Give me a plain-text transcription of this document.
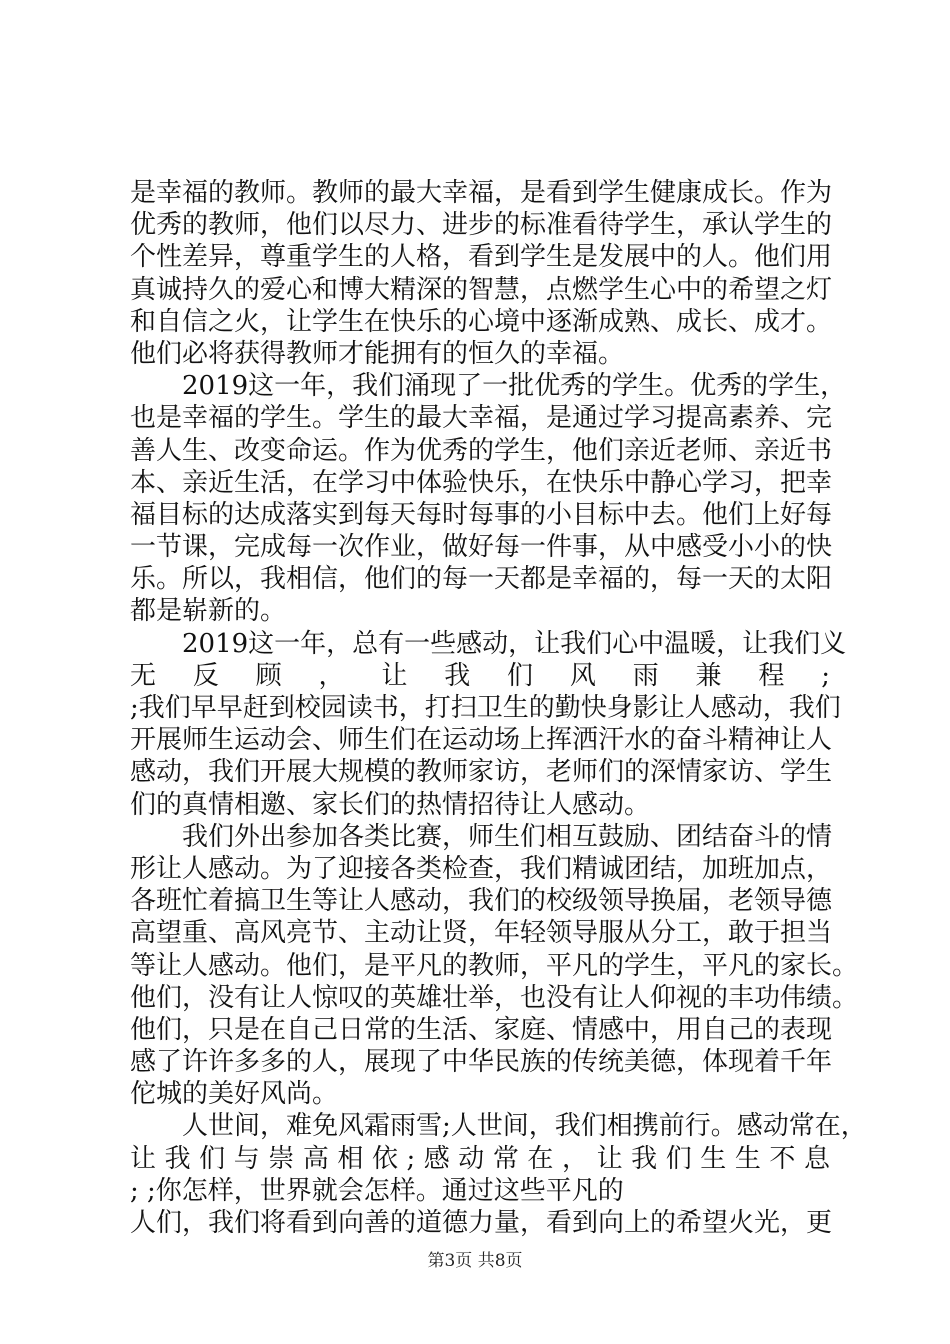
是幸福的教师。教师的最大幸福，是看到学生健康成长。作为
优秀的教师，他们以尽力、进步的标准看待学生，承认学生的
个性差异，尊重学生的人格，看到学生是发展中的人。他们用
真诚持久的爱心和博大精深的智慧，点燃学生心中的希望之灯
和自信之火，让学生在快乐的心境中逐渐成熟、成长、成才。
他们必将获得教师才能拥有的恒久的幸福。
2019这一年，我们涌现了一批优秀的学生。优秀的学生，
也是幸福的学生。学生的最大幸福，是通过学习提高素养、完
善人生、改变命运。作为优秀的学生，他们亲近老师、亲近书
本、亲近生活，在学习中体验快乐，在快乐中静心学习，把幸
福目标的达成落实到每天每时每事的小目标中去。他们上好每
一节课，完成每一次作业，做好每一件事，从中感受小小的快
乐。所以，我相信，他们的每一天都是幸福的，每一天的太阳
都是崭新的。
2019这一年，总有一些感动，让我们心中温暖，让我们义
无 反 顾 ， 让 我 们 风 雨 兼 程 ;
;我们早早赶到校园读书，打扫卫生的勤快身影让人感动，我们
开展师生运动会、师生们在运动场上挥洒汗水的奋斗精神让人
感动，我们开展大规模的教师家访，老师们的深情家访、学生
们的真情相邀、家长们的热情招待让人感动。
我们外出参加各类比赛，师生们相互鼓励、团结奋斗的情
形让人感动。为了迎接各类检查，我们精诚团结，加班加点，
各班忙着搞卫生等让人感动，我们的校级领导换届，老领导德
高望重、高风亮节、主动让贤，年轻领导服从分工，敢于担当
等让人感动。他们，是平凡的教师，平凡的学生，平凡的家长。
他们，没有让人惊叹的英雄壮举，也没有让人仰视的丰功伟绩。
他们，只是在自己日常的生活、家庭、情感中，用自己的表现
感了许许多多的人，展现了中华民族的传统美德，体现着千年
佗城的美好风尚。
人世间，难免风霜雨雪;人世间，我们相携前行。感动常在，
让 我 们 与 崇 高 相 依 ; 感 动 常 在 ， 让 我 们 生 生 不 息
; ;你怎样，世界就会怎样。通过这些平凡的
人们，我们将看到向善的道德力量，看到向上的希望火光，更
第3页 共8页
